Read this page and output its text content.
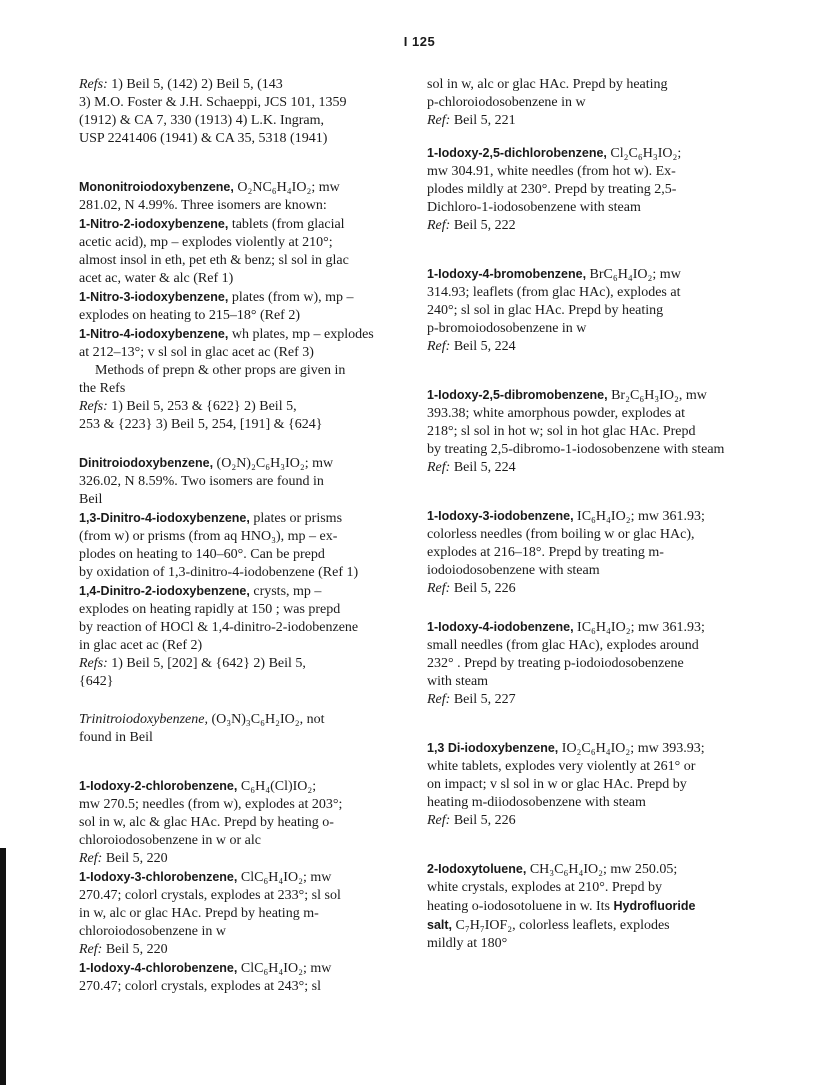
I 125

Refs: 1) Beil 5, (142) 2) Beil 5, (143

3) M.O. Foster & J.H. Schaeppi, JCS 101, 1359

(1912) & CA 7, 330 (1913) 4) L.K. Ingram,

USP 2241406 (1941) & CA 35, 5318 (1941)

Mononitroiodoxybenzene, O₂NC₆H₄IO₂; mw

281.02, N 4.99%. Three isomers are known:

1-Nitro-2-iodoxybenzene, tablets (from glacial

acetic acid), mp – explodes violently at 210°;

almost insol in eth, pet eth & benz; sl sol in glac

acet ac, water & alc (Ref 1)

1-Nitro-3-iodoxybenzene, plates (from w), mp –

explodes on heating to 215–18° (Ref 2)

1-Nitro-4-iodoxybenzene, wh plates, mp – explodes

at 212–13°; v sl sol in glac acet ac (Ref 3)

Methods of prepn & other props are given in

the Refs

Refs: 1) Beil 5, 253 & {622} 2) Beil 5,

253 & {223} 3) Beil 5, 254, [191] & {624}

Dinitroiodoxybenzene, (O₂N)₂C₆H₃IO₂; mw

326.02, N 8.59%. Two isomers are found in

Beil

1,3-Dinitro-4-iodoxybenzene, plates or prisms

(from w) or prisms (from aq HNO₃), mp – ex-

plodes on heating to 140–60°. Can be prepd

by oxidation of 1,3-dinitro-4-iodobenzene (Ref 1)

1,4-Dinitro-2-iodoxybenzene, crysts, mp –

explodes on heating rapidly at 150 ; was prepd

by reaction of HOCl & 1,4-dinitro-2-iodobenzene

in glac acet ac (Ref 2)

Refs: 1) Beil 5, [202] & {642} 2) Beil 5,

{642}

Trinitroiodoxybenzene, (O₃N)₃C₆H₂IO₂, not

found in Beil

1-Iodoxy-2-chlorobenzene, C₆H₄(Cl)IO₂;

mw 270.5; needles (from w), explodes at 203°;

sol in w, alc & glac HAc. Prepd by heating o-

chloroiodosobenzene in w or alc

Ref: Beil 5, 220

1-Iodoxy-3-chlorobenzene, ClC₆H₄IO₂; mw

270.47; colorl crystals, explodes at 233°; sl sol

in w, alc or glac HAc. Prepd by heating m-

chloroiodosobenzene in w

Ref: Beil 5, 220

1-Iodoxy-4-chlorobenzene, ClC₆H₄IO₂; mw

270.47; colorl crystals, explodes at 243°; sl

sol in w, alc or glac HAc. Prepd by heating

p-chloroiodosobenzene in w

Ref: Beil 5, 221

1-Iodoxy-2,5-dichlorobenzene, Cl₂C₆H₃IO₂;

mw 304.91, white needles (from hot w). Ex-

plodes mildly at 230°. Prepd by treating 2,5-

Dichloro-1-iodosobenzene with steam

Ref: Beil 5, 222

1-Iodoxy-4-bromobenzene, BrC₆H₄IO₂; mw

314.93; leaflets (from glac HAc), explodes at

240°; sl sol in glac HAc. Prepd by heating

p-bromoiodosobenzene in w

Ref: Beil 5, 224

1-Iodoxy-2,5-dibromobenzene, Br₂C₆H₃IO₂, mw

393.38; white amorphous powder, explodes at

218°; sl sol in hot w; sol in hot glac HAc. Prepd

by treating 2,5-dibromo-1-iodosobenzene with steam

Ref: Beil 5, 224

1-Iodoxy-3-iodobenzene, IC₆H₄IO₂; mw 361.93;

colorless needles (from boiling w or glac HAc),

explodes at 216–18°. Prepd by treating m-

iodoiodosobenzene with steam

Ref: Beil 5, 226

1-Iodoxy-4-iodobenzene, IC₆H₄IO₂; mw 361.93;

small needles (from glac HAc), explodes around

232° . Prepd by treating p-iodoiodosobenzene

with steam

Ref: Beil 5, 227

1,3 Di-iodoxybenzene, IO₂C₆H₄IO₂; mw 393.93;

white tablets, explodes very violently at 261° or

on impact; v sl sol in w or glac HAc. Prepd by

heating m-diiodosobenzene with steam

Ref: Beil 5, 226

2-Iodoxytoluene, CH₃C₆H₄IO₂; mw 250.05;

white crystals, explodes at 210°. Prepd by

heating o-iodosotoluene in w. Its Hydrofluoride

salt, C₇H₇IOF₂, colorless leaflets, explodes

mildly at 180°
